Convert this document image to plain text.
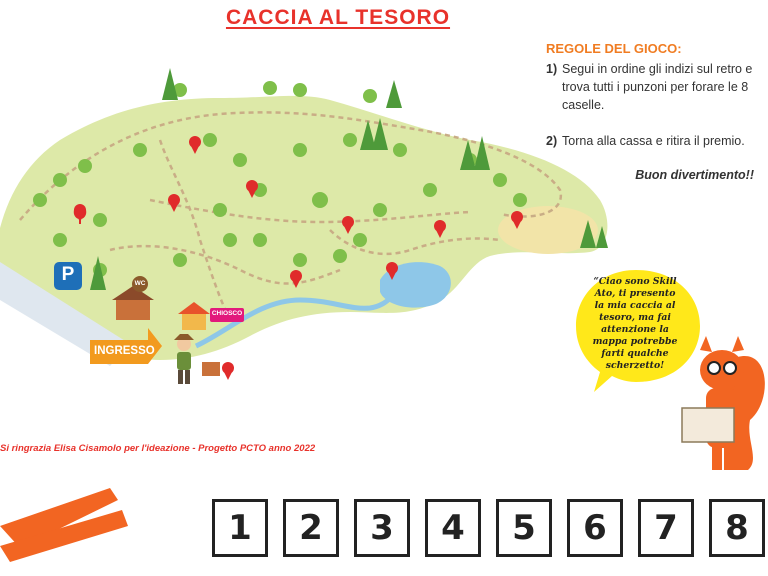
CACCIA AL TESORO
REGOLE DEL GIOCO:
1) Segui in ordine gli indizi sul retro e trova tutti i punzoni per forare le 8 caselle.
2) Torna alla cassa e ritira il premio.
Buon divertimento!!
P
INGRESSO
CHIOSCO
WC	“Ciao sono Skill Ato, ti presento la mia caccia al tesoro, ma fai attenzione la mappa potrebbe farti qualche scherzetto!
Si ringrazia Elisa Cisamolo per l'ideazione - Progetto PCTO anno 2022
1	2	3	4	5	6	7	8
